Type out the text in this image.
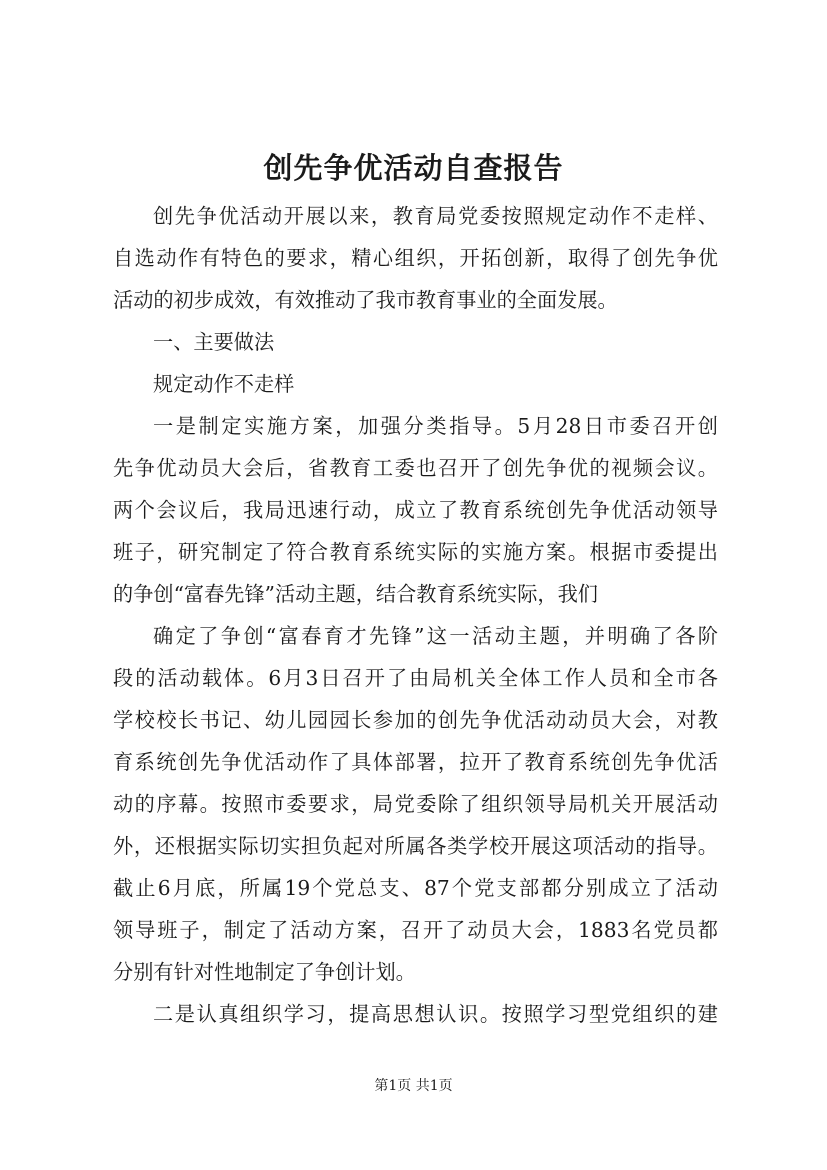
创先争优活动自查报告
创先争优活动开展以来，教育局党委按照规定动作不走样、
自选动作有特色的要求，精心组织，开拓创新，取得了创先争优
活动的初步成效，有效推动了我市教育事业的全面发展。
一、主要做法
规定动作不走样
一是制定实施方案，加强分类指导。5月28日市委召开创
先争优动员大会后，省教育工委也召开了创先争优的视频会议。
两个会议后，我局迅速行动，成立了教育系统创先争优活动领导
班子，研究制定了符合教育系统实际的实施方案。根据市委提出
的争创“富春先锋”活动主题，结合教育系统实际，我们
确定了争创“富春育才先锋”这一活动主题，并明确了各阶
段的活动载体。6月3日召开了由局机关全体工作人员和全市各
学校校长书记、幼儿园园长参加的创先争优活动动员大会，对教
育系统创先争优活动作了具体部署，拉开了教育系统创先争优活
动的序幕。按照市委要求，局党委除了组织领导局机关开展活动
外，还根据实际切实担负起对所属各类学校开展这项活动的指导。
截止6月底，所属19个党总支、87个党支部都分别成立了活动
领导班子，制定了活动方案，召开了动员大会，1883名党员都
分别有针对性地制定了争创计划。
二是认真组织学习，提高思想认识。按照学习型党组织的建
第1页 共1页
